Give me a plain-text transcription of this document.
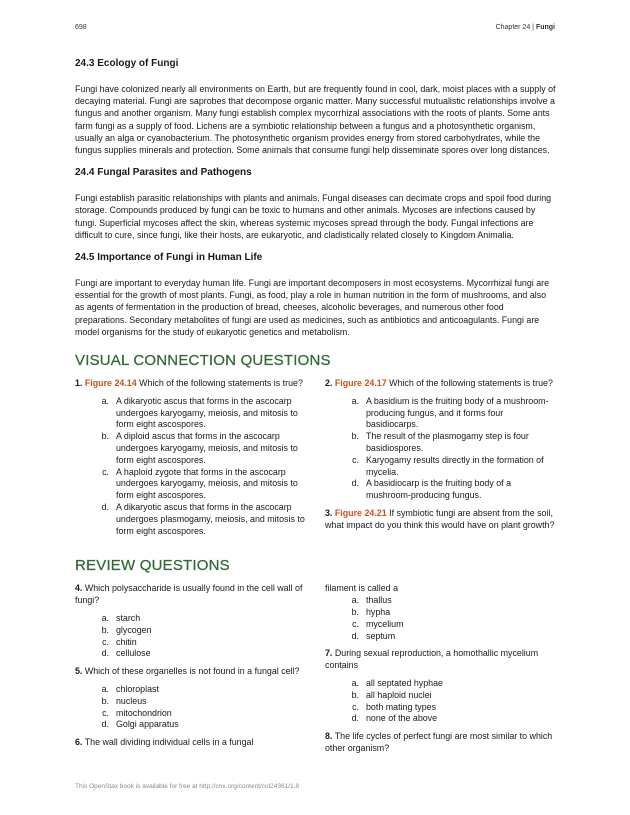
698	Chapter 24 | Fungi
24.3 Ecology of Fungi

Fungi have colonized nearly all environments on Earth, but are frequently found in cool, dark, moist places with a supply of decaying material. Fungi are saprobes that decompose organic matter. Many successful mutualistic relationships involve a fungus and another organism. Many fungi establish complex mycorrhizal associations with the roots of plants. Some ants farm fungi as a supply of food. Lichens are a symbiotic relationship between a fungus and a photosynthetic organism, usually an alga or cyanobacterium. The photosynthetic organism provides energy from stored carbohydrates, while the fungus supplies minerals and protection. Some animals that consume fungi help disseminate spores over long distances.

24.4 Fungal Parasites and Pathogens

Fungi establish parasitic relationships with plants and animals. Fungal diseases can decimate crops and spoil food during storage. Compounds produced by fungi can be toxic to humans and other animals. Mycoses are infections caused by fungi. Superficial mycoses affect the skin, whereas systemic mycoses spread through the body. Fungal infections are difficult to cure, since fungi, like their hosts, are eukaryotic, and cladistically related closely to Kingdom Animalia.

24.5 Importance of Fungi in Human Life

Fungi are important to everyday human life. Fungi are important decomposers in most ecosystems. Mycorrhizal fungi are essential for the growth of most plants. Fungi, as food, play a role in human nutrition in the form of mushrooms, and also as agents of fermentation in the production of bread, cheeses, alcoholic beverages, and numerous other food preparations. Secondary metabolites of fungi are used as medicines, such as antibiotics and anticoagulants. Fungi are model organisms for the study of eukaryotic genetics and metabolism.

VISUAL CONNECTION QUESTIONS
1. Figure 24.14 Which of the following statements is true?
a. A dikaryotic ascus that forms in the ascocarp undergoes karyogamy, meiosis, and mitosis to form eight ascospores.
b. A diploid ascus that forms in the ascocarp undergoes karyogamy, meiosis, and mitosis to form eight ascospores.
c. A haploid zygote that forms in the ascocarp undergoes karyogamy, meiosis, and mitosis to form eight ascospores.
d. A dikaryotic ascus that forms in the ascocarp undergoes plasmogamy, meiosis, and mitosis to form eight ascospores.
2. Figure 24.17 Which of the following statements is true?
a. A basidium is the fruiting body of a mushroom-producing fungus, and it forms four basidiocarps.
b. The result of the plasmogamy step is four basidiospores.
c. Karyogamy results directly in the formation of mycelia.
d. A basidiocarp is the fruiting body of a mushroom-producing fungus.
3. Figure 24.21 If symbiotic fungi are absent from the soil, what impact do you think this would have on plant growth?
REVIEW QUESTIONS
4. Which polysaccharide is usually found in the cell wall of fungi?
a. starch
b. glycogen
c. chitin
d. cellulose
5. Which of these organelles is not found in a fungal cell?
a. chloroplast
b. nucleus
c. mitochondrion
d. Golgi apparatus
6. The wall dividing individual cells in a fungal
filament is called a
a. thallus
b. hypha
c. mycelium
d. septum
7. During sexual reproduction, a homothallic mycelium contains
a. all septated hyphae
b. all haploid nuclei
c. both mating types
d. none of the above
8. The life cycles of perfect fungi are most similar to which other organism?
This OpenStax book is available for free at http://cnx.org/content/col24361/1.8
